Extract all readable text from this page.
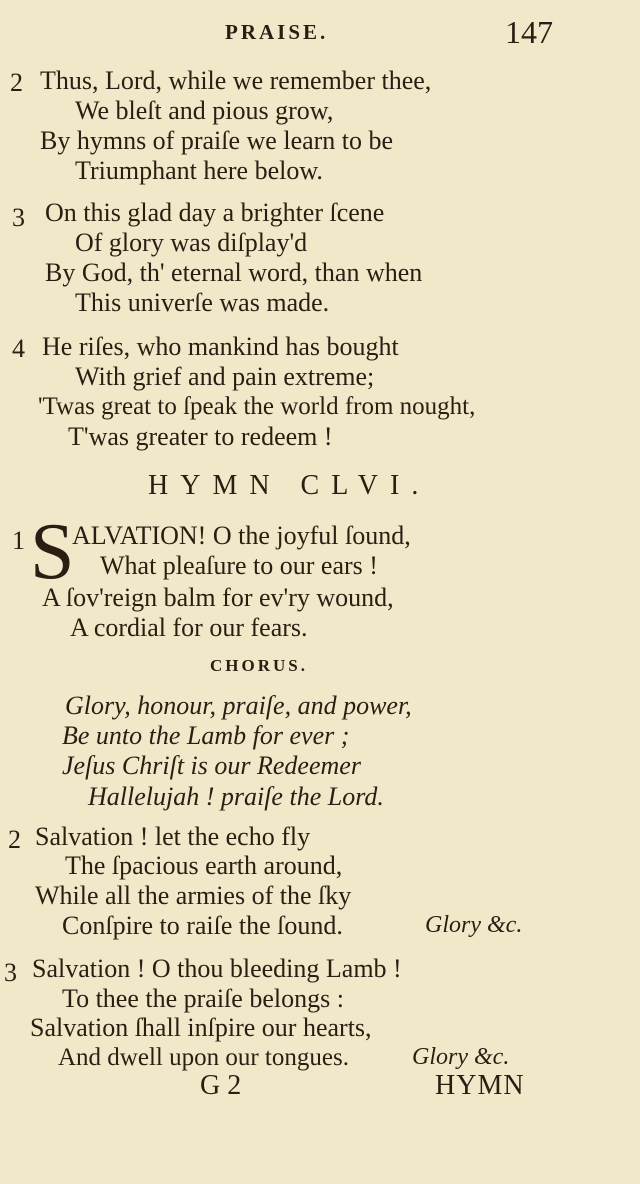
PRAISE.	147
2 Thus, Lord, while we remember thee,
We bleſt and pious grow,
By hymns of praiſe we learn to be
Triumphant here below.
3 On this glad day a brighter ſcene
Of glory was diſplay'd
By God, th' eternal word, than when
This univerſe was made.
4 He riſes, who mankind has bought
With grief and pain extreme;
'Twas great to ſpeak the world from nought,
T'was greater to redeem !
HYMN CLVI.
1 S
ALVATION! O the joyful ſound,
What pleaſure to our ears !
A ſov'reign balm for ev'ry wound,
A cordial for our fears.
CHORUS.
Glory, honour, praiſe, and power,
Be unto the Lamb for ever ;
Jeſus Chriſt is our Redeemer
Hallelujah ! praiſe the Lord.
2 Salvation ! let the echo fly
The ſpacious earth around,
While all the armies of the ſky
Conſpire to raiſe the ſound.	Glory &c.
3 Salvation ! O thou bleeding Lamb !
To thee the praiſe belongs :
Salvation ſhall inſpire our hearts,
And dwell upon our tongues.	Glory &c.
G 2	HYMN
